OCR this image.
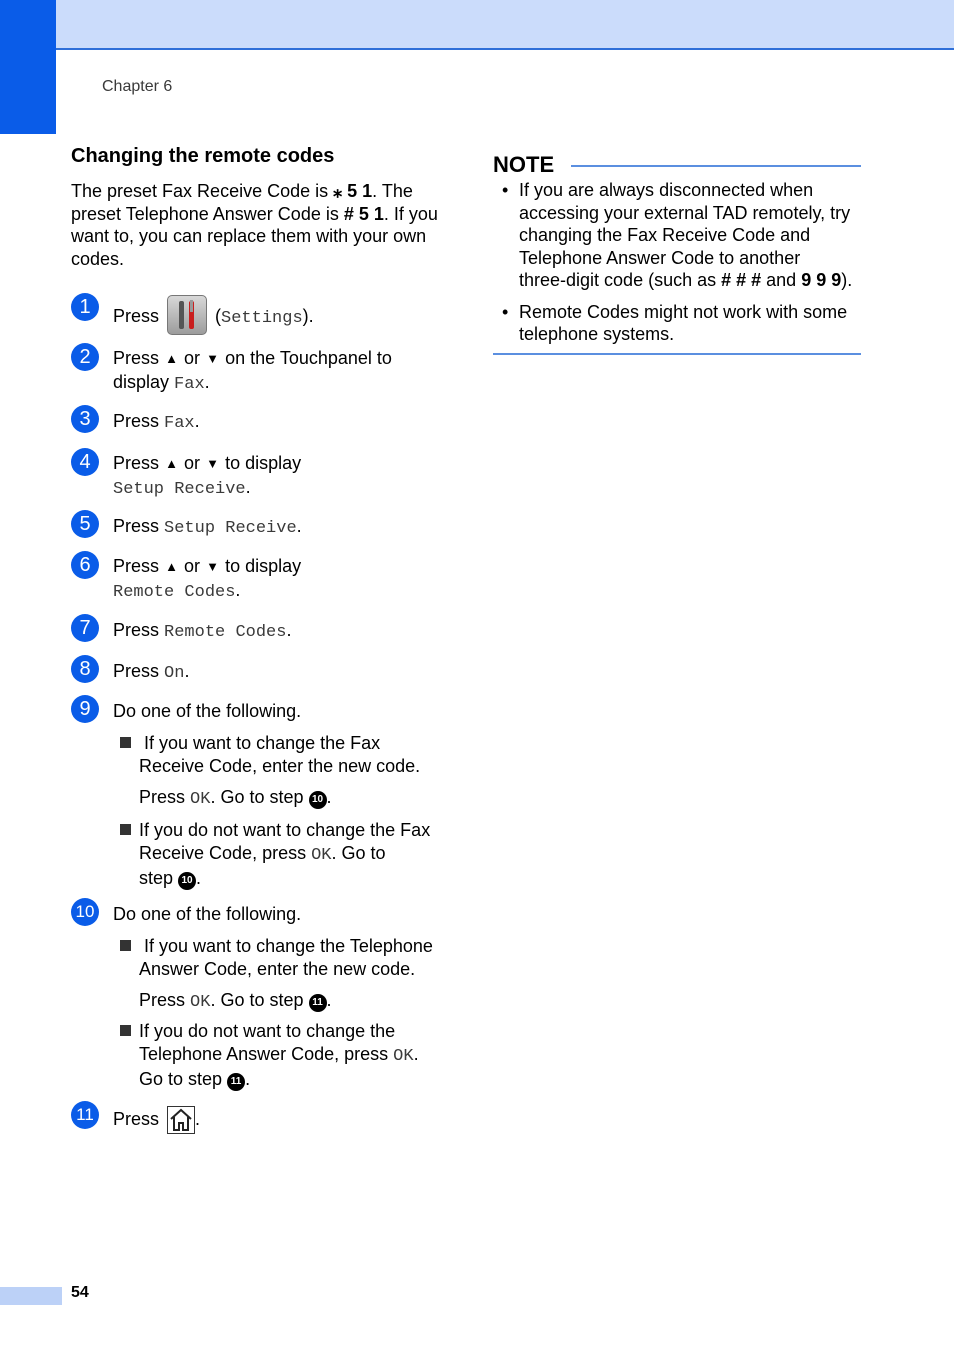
Chapter 6
Changing the remote codes
The preset Fax Receive Code is ⁎ 5 1. The preset Telephone Answer Code is # 5 1. If you want to, you can replace them with your own codes.
1	Press	(Settings).
2	Press ▲ or ▼ on the Touchpanel to
display Fax.
3	Press Fax.
4	Press ▲ or ▼ to display
Setup Receive.
5	Press Setup Receive.
6	Press ▲ or ▼ to display
Remote Codes.
7	Press Remote Codes.
8	Press On.
9	Do one of the following.
If you want to change the Fax
Receive Code, enter the new code.
Press OK. Go to step 10 .
If you do not want to change the Fax
Receive Code, press OK. Go to
step 10 .
10 Do one of the following.
If you want to change the Telephone
Answer Code, enter the new code.
Press OK. Go to step 11 .
If you do not want to change the
Telephone Answer Code, press OK.
Go to step 11 .
11 Press .
NOTE
• If you are always disconnected when
accessing your external TAD remotely, try
changing the Fax Receive Code and
Telephone Answer Code to another
three-digit code (such as # # # and 9 9 9).
• Remote Codes might not work with some
telephone systems.
54
